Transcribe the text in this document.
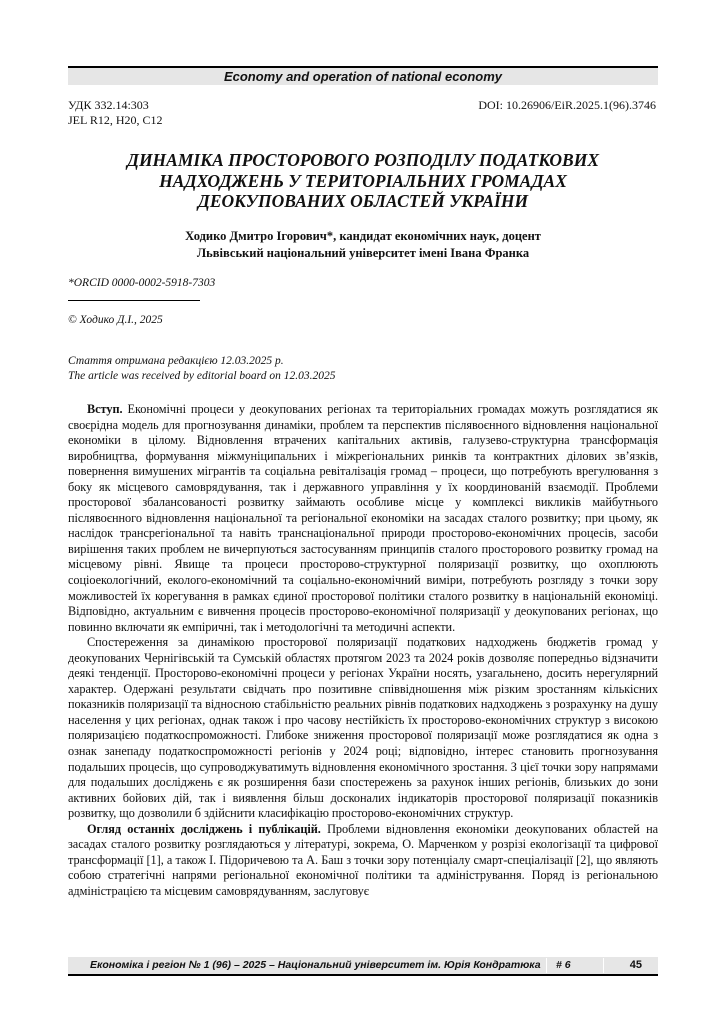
Economy and operation of national economy
УДК 332.14:303
JEL R12, H20, C12
DOI: 10.26906/EiR.2025.1(96).3746
ДИНАМІКА ПРОСТОРОВОГО РОЗПОДІЛУ ПОДАТКОВИХ
НАДХОДЖЕНЬ У ТЕРИТОРІАЛЬНИХ ГРОМАДАХ
ДЕОКУПОВАНИХ ОБЛАСТЕЙ УКРАЇНИ
Ходико Дмитро Ігорович*, кандидат економічних наук, доцент
Львівський національний університет імені Івана Франка
*ORCID 0000-0002-5918-7303
© Ходико Д.І., 2025
Стаття отримана редакцією 12.03.2025 р.
The article was received by editorial board on 12.03.2025

Вступ. Економічні процеси у деокупованих регіонах та територіальних громадах можуть розглядатися як своєрідна модель для прогнозування динаміки, проблем та перспектив післявоєнного відновлення національної економіки в цілому. Відновлення втрачених капітальних активів, галузево-структурна трансформація виробництва, формування міжмуніципальних і міжрегіональних ринків та контрактних ділових зв’язків, повернення вимушених мігрантів та соціальна ревіталізація громад – процеси, що потребують врегулювання з боку як місцевого самоврядування, так і державного управління у їх координованій взаємодії. Проблеми просторової збалансованості розвитку займають особливе місце у комплексі викликів майбутнього післявоєнного відновлення національної та регіональної економіки на засадах сталого розвитку; при цьому, як наслідок трансрегіональної та навіть транснаціональної природи просторово-економічних процесів, засоби вирішення таких проблем не вичерпуються застосуванням принципів сталого просторового розвитку громад на місцевому рівні. Явище та процеси просторово-структурної поляризації розвитку, що охоплюють соціоекологічний, еколого-економічний та соціально-економічний виміри, потребують розгляду з точки зору можливостей їх корегування в рамках єдиної просторової політики сталого розвитку в національній економіці. Відповідно, актуальним є вивчення процесів просторово-економічної поляризації у деокупованих регіонах, що повинно включати як емпіричні, так і методологічні та методичні аспекти.

Спостереження за динамікою просторової поляризації податкових надходжень бюджетів громад у деокупованих Чернігівській та Сумській областях протягом 2023 та 2024 років дозволяє попередньо відзначити деякі тенденції. Просторово-економічні процеси у регіонах України носять, узагальнено, досить нерегулярний характер. Одержані результати свідчать про позитивне співвідношення між різким зростанням кількісних показників поляризації та відносною стабільністю реальних рівнів податкових надходжень з розрахунку на душу населення у цих регіонах, однак також і про часову нестійкість їх просторово-економічних структур з високою поляризацією податкоспроможності. Глибоке зниження просторової поляризації може розглядатися як одна з ознак занепаду податкоспроможності регіонів у 2024 році; відповідно, інтерес становить прогнозування подальших процесів, що супроводжуватимуть відновлення економічного зростання. З цієї точки зору напрямами для подальших досліджень є як розширення бази спостережень за рахунок інших регіонів, близьких до зони активних бойових дій, так і виявлення більш досконалих індикаторів просторової поляризації показників розвитку, що дозволили б здійснити класифікацію просторово-економічних структур.

Огляд останніх досліджень і публікацій. Проблеми відновлення економіки деокупованих областей на засадах сталого розвитку розглядаються у літературі, зокрема, О. Марченком у розрізі екологізації та цифрової трансформації [1], а також І. Підоричевою та А. Баш з точки зору потенціалу смарт-спеціалізації [2], що являють собою стратегічні напрями регіональної економічної політики та адміністрування. Поряд із регіональною адміністрацією та місцевим самоврядуванням, заслуговує

Економіка і регіон № 1 (96) – 2025 – Національний університет ім. Юрія Кондратюка # 6	45
